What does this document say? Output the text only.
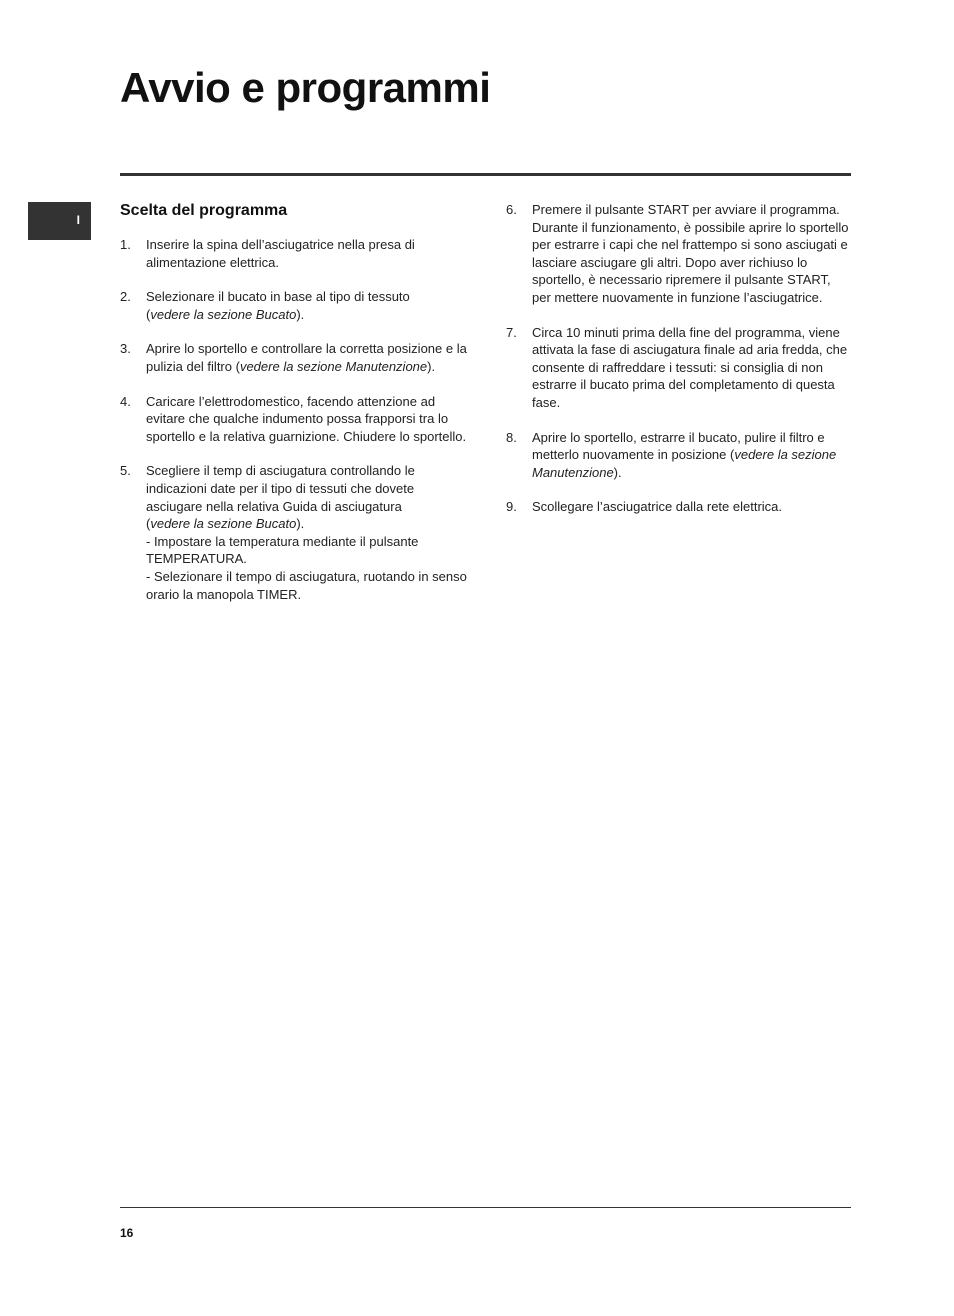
Avvio e programmi
I
Scelta del programma
1. Inserire la spina dell’asciugatrice nella presa di alimentazione elettrica.
2. Selezionare il bucato in base al tipo di tessuto
(vedere la sezione Bucato).
3. Aprire lo sportello e controllare la corretta posizione e la pulizia del filtro (vedere la sezione Manutenzione).
4. Caricare l’elettrodomestico, facendo attenzione ad evitare che qualche indumento possa frapporsi tra lo sportello e la relativa guarnizione. Chiudere lo sportello.
5. Scegliere il temp di asciugatura controllando le indicazioni date per il tipo di tessuti che dovete asciugare nella relativa Guida di asciugatura
(vedere la sezione Bucato).
- Impostare la temperatura mediante il pulsante TEMPERATURA.
- Selezionare il tempo di asciugatura, ruotando in senso orario la manopola TIMER.
6. Premere il pulsante START per avviare il programma.
Durante il funzionamento, è possibile aprire lo sportello per estrarre i capi che nel frattempo si sono asciugati e lasciare asciugare gli altri. Dopo aver richiuso lo sportello, è necessario ripremere il pulsante START, per mettere nuovamente in funzione l’asciugatrice.
7. Circa 10 minuti prima della fine del programma, viene attivata la fase di asciugatura finale ad aria fredda, che consente di raffreddare i tessuti: si consiglia di non estrarre il bucato prima del completamento di questa fase.
8. Aprire lo sportello, estrarre il bucato, pulire il filtro e metterlo nuovamente in posizione (vedere la sezione Manutenzione).
9. Scollegare l’asciugatrice dalla rete elettrica.
16
